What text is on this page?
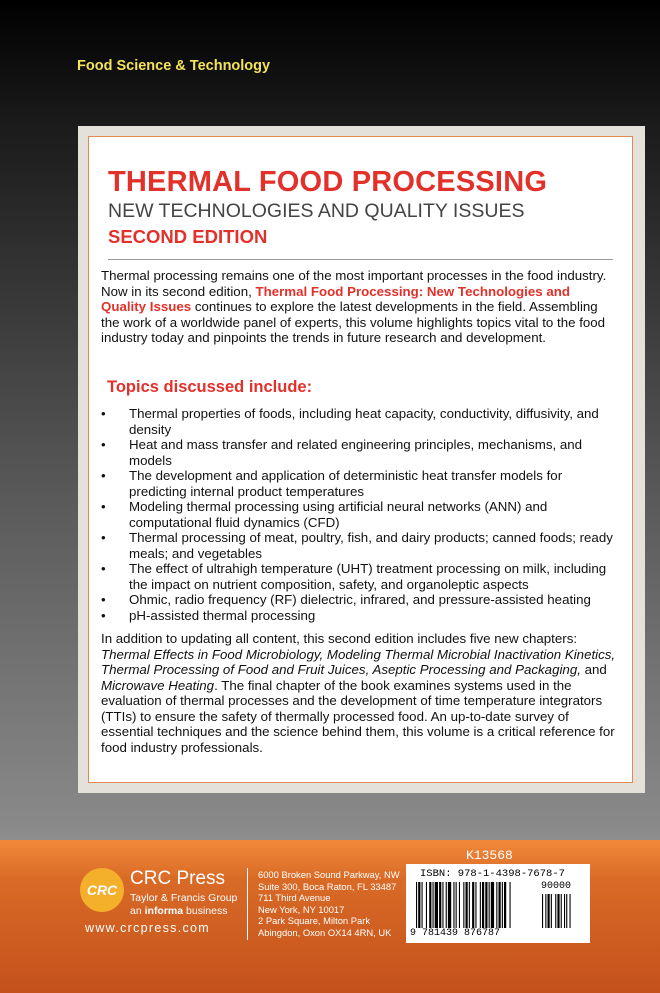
Food Science & Technology
THERMAL FOOD PROCESSING
NEW TECHNOLOGIES AND QUALITY ISSUES
SECOND EDITION

Thermal processing remains one of the most important processes in the food industry. Now in its second edition, Thermal Food Processing: New Technologies and Quality Issues continues to explore the latest developments in the field. Assembling the work of a worldwide panel of experts, this volume highlights topics vital to the food industry today and pinpoints the trends in future research and development.

Topics discussed include:
• Thermal properties of foods, including heat capacity, conductivity, diffusivity, and density
• Heat and mass transfer and related engineering principles, mechanisms, and models
• The development and application of deterministic heat transfer models for predicting internal product temperatures
• Modeling thermal processing using artificial neural networks (ANN) and computational fluid dynamics (CFD)
• Thermal processing of meat, poultry, fish, and dairy products; canned foods; ready meals; and vegetables
• The effect of ultrahigh temperature (UHT) treatment processing on milk, including the impact on nutrient composition, safety, and organoleptic aspects
• Ohmic, radio frequency (RF) dielectric, infrared, and pressure-assisted heating
• pH-assisted thermal processing

In addition to updating all content, this second edition includes five new chapters: Thermal Effects in Food Microbiology, Modeling Thermal Microbial Inactivation Kinetics, Thermal Processing of Food and Fruit Juices, Aseptic Processing and Packaging, and Microwave Heating. The final chapter of the book examines systems used in the evaluation of thermal processes and the development of time temperature integrators (TTIs) to ensure the safety of thermally processed food. An up-to-date survey of essential techniques and the science behind them, this volume is a critical reference for food industry professionals.

CRC
CRC Press
Taylor & Francis Group
an informa business
www.crcpress.com
6000 Broken Sound Parkway, NW
Suite 300, Boca Raton, FL 33487
711 Third Avenue
New York, NY 10017
2 Park Square, Milton Park
Abingdon, Oxon OX14 4RN, UK
K13568
ISBN: 978-1-4398-7678-7
9 781439 876787
90000
